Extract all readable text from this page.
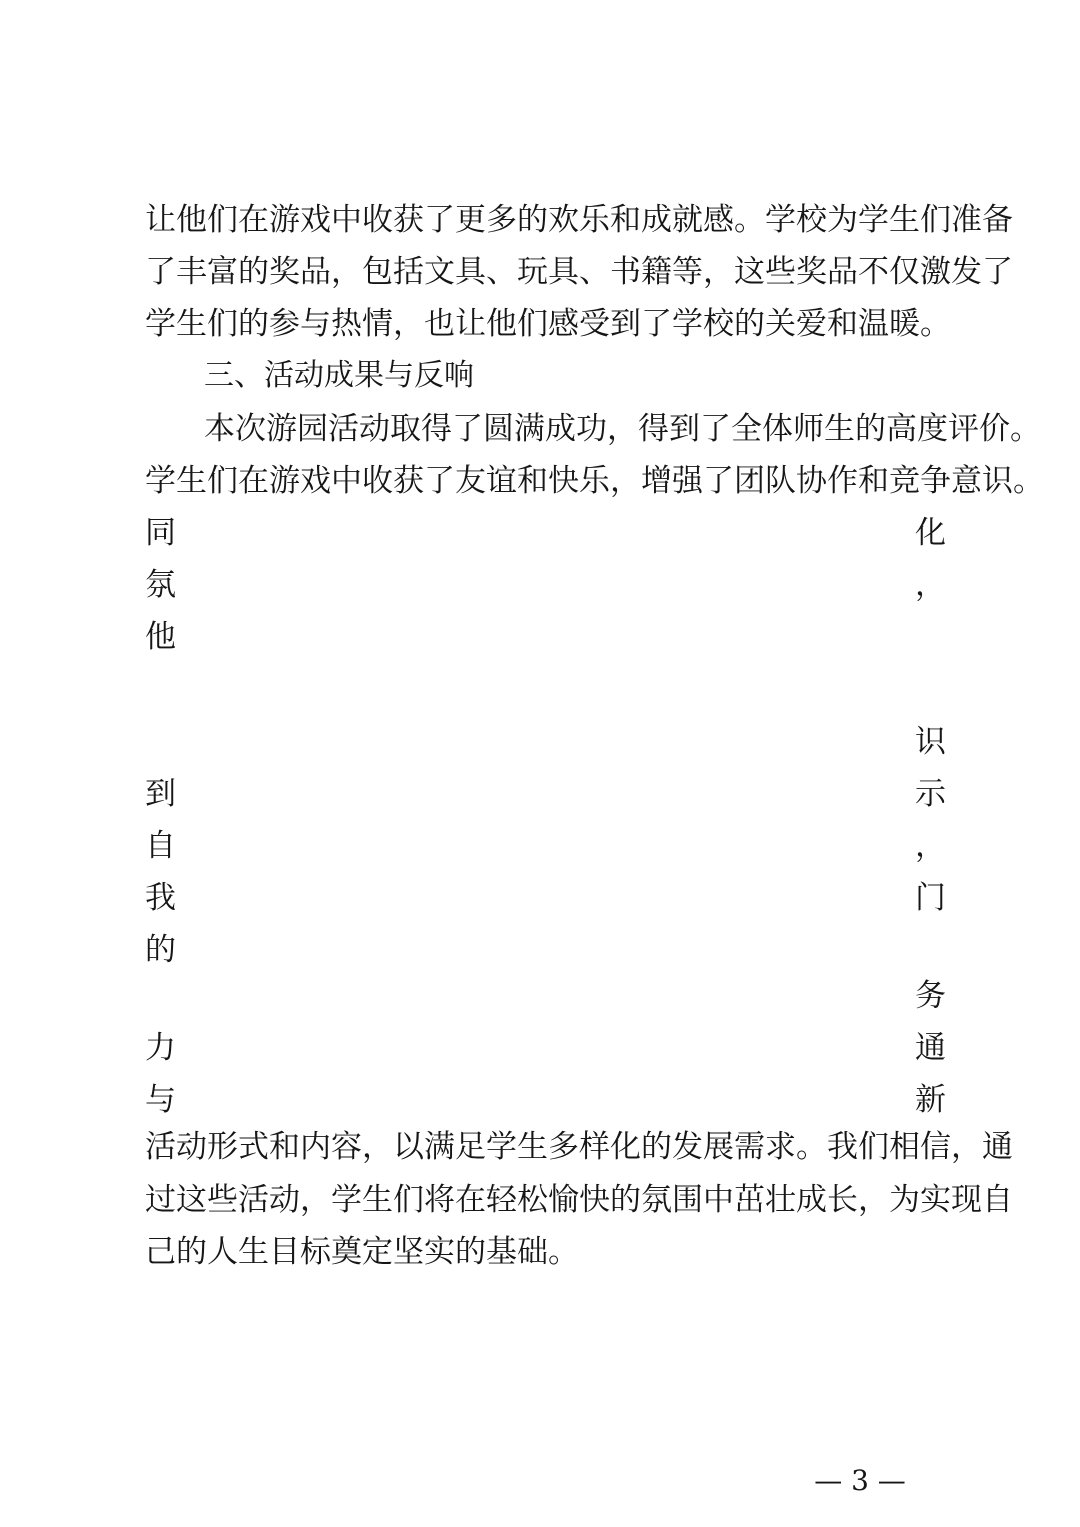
让他们在游戏中收获了更多的欢乐和成就感。学校为学生们准备
了丰富的奖品，包括文具、玩具、书籍等，这些奖品不仅激发了
学生们的参与热情，也让他们感受到了学校的关爱和温暖。
三、活动成果与反响
本次游园活动取得了圆满成功，得到了全体师生的高度评价。
学生们在游戏中收获了友谊和快乐，增强了团队协作和竞争意识。
同	化
氛	，
他
识
到	示
自	，
我	门
的
务
力	通
与	新
活动形式和内容，以满足学生多样化的发展需求。我们相信，通
过这些活动，学生们将在轻松愉快的氛围中茁壮成长，为实现自
己的人生目标奠定坚实的基础。
— 3 —
